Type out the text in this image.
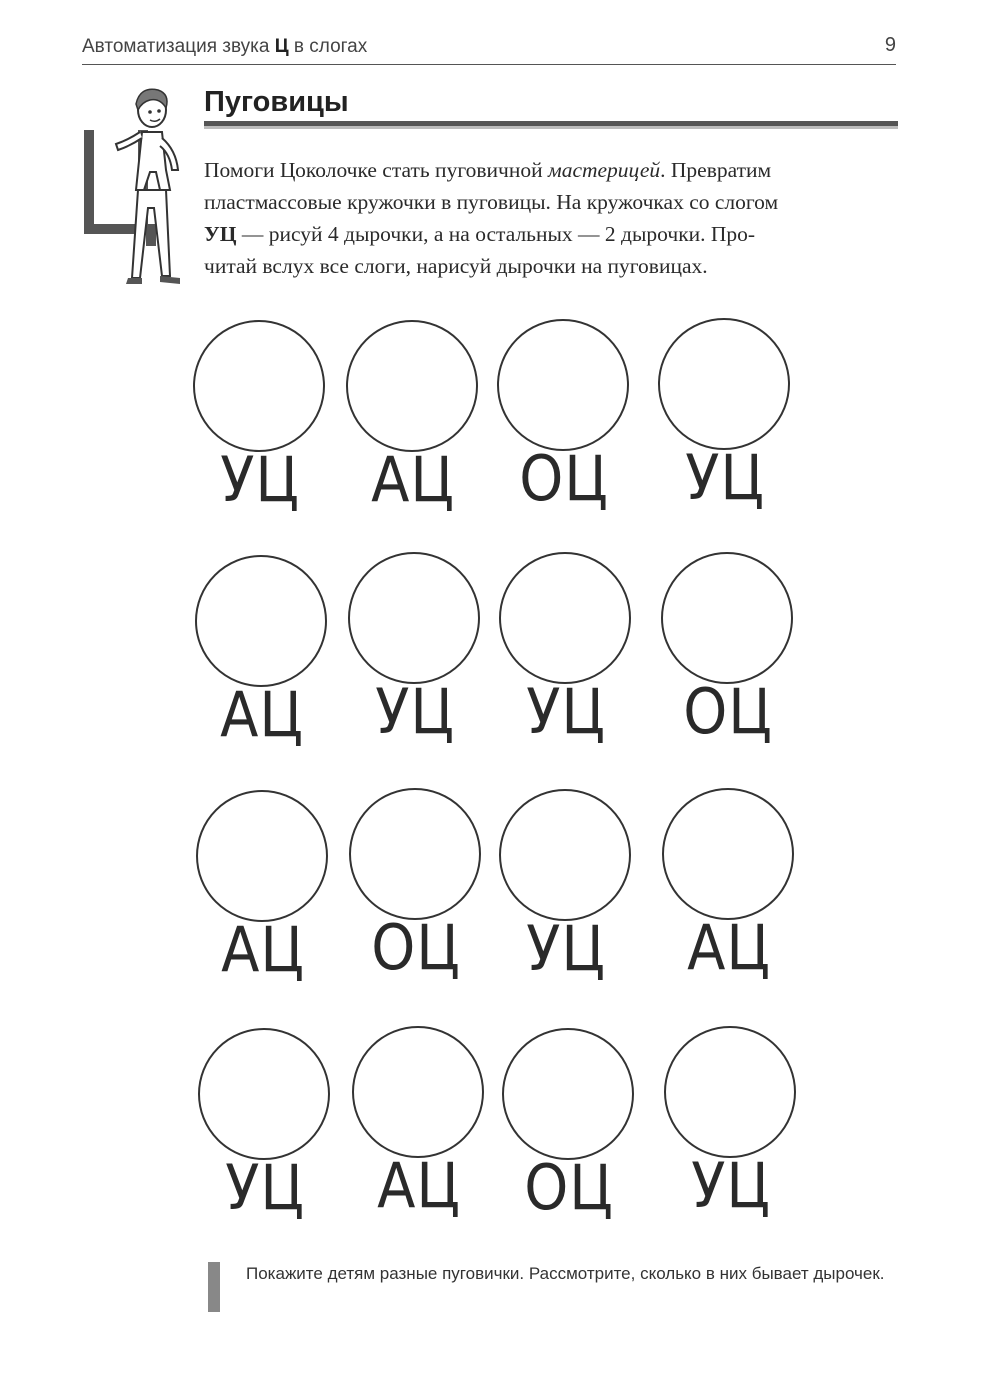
Автоматизация звука Ц в слогах	9
Пуговицы
Помоги Цоколочке стать пуговичной мастерицей. Превратим
пластмассовые кружочки в пуговицы. На кружочках со слогом
УЦ — рисуй 4 дырочки, а на остальных — 2 дырочки. Про-
читай вслух все слоги, нарисуй дырочки на пуговицах.
УЦ	АЦ	ОЦ	УЦ
АЦ	УЦ	УЦ	ОЦ
АЦ	ОЦ	УЦ	АЦ
УЦ	АЦ	ОЦ	УЦ
Покажите детям разные пуговички. Рассмотрите, сколько в них бывает дырочек.
